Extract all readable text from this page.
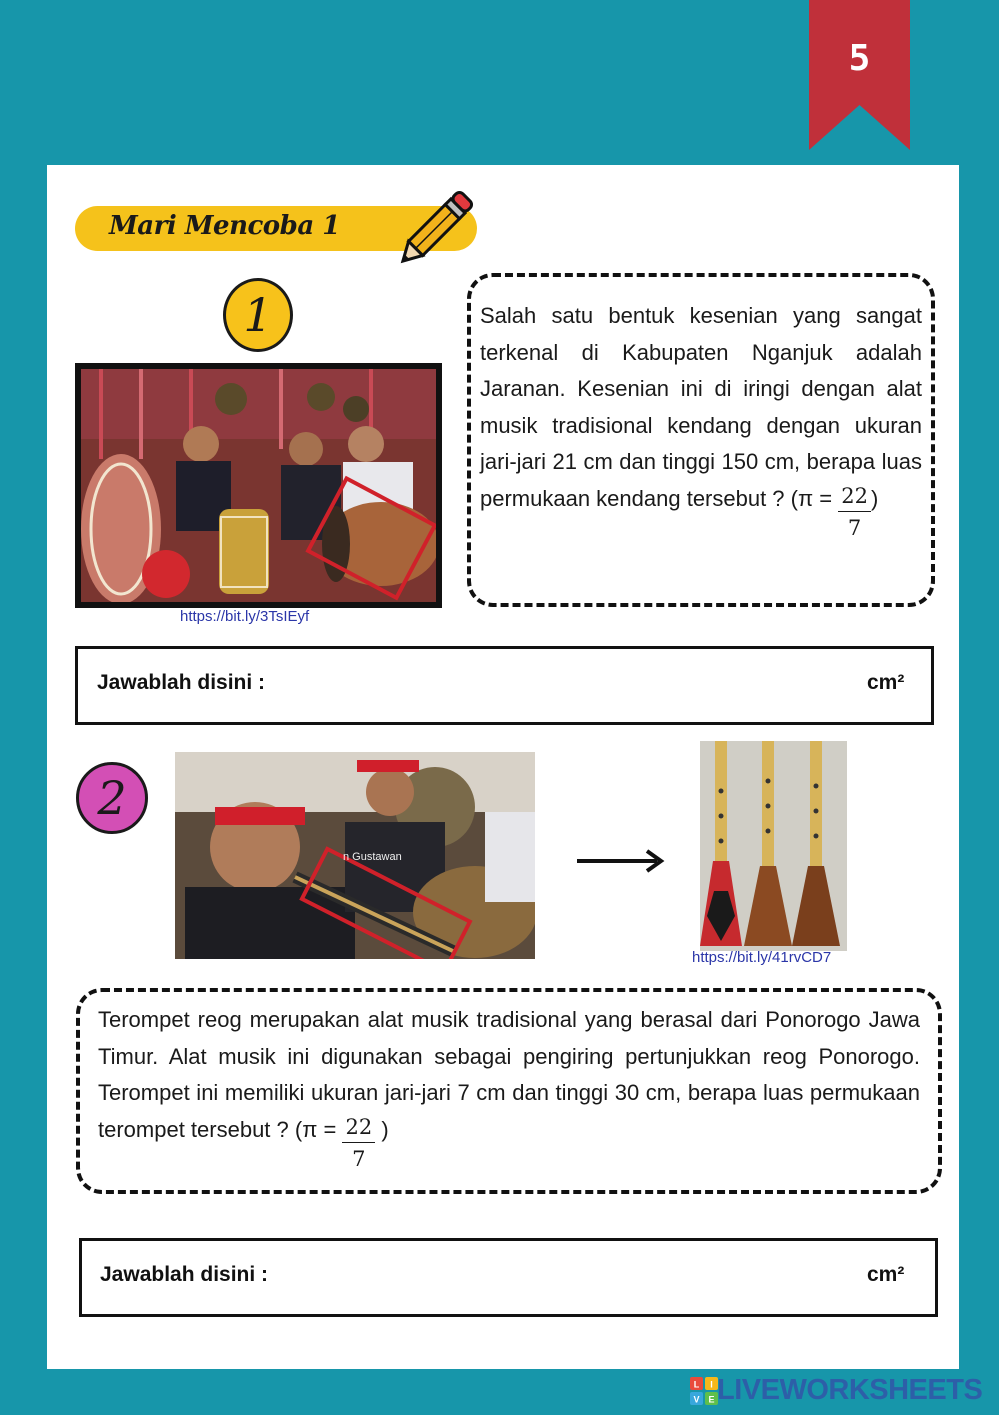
5
Mari Mencoba 1
1
https://bit.ly/3TsIEyf
Salah satu bentuk kesenian yang sangat terkenal di Kabupaten Nganjuk adalah Jaranan. Kesenian ini di iringi dengan alat musik tradisional kendang dengan ukuran jari-jari 21 cm dan tinggi 150 cm, berapa luas permukaan kendang tersebut ? ($\pi = \frac{22}{7}$ )
Jawablah disini :	cm²
2
n Gustawan
https://bit.ly/41rvCD7
Terompet reog merupakan alat musik tradisional yang berasal dari Ponorogo Jawa Timur. Alat musik ini digunakan sebagai pengiring pertunjukkan reog Ponorogo. Terompet ini memiliki ukuran jari-jari 7 cm dan tinggi 30 cm, berapa luas permukaan terompet tersebut ? ($\pi = \frac{22}{7}$ )
Jawablah disini :	cm²
L I
V E LIVEWORKSHEETS
